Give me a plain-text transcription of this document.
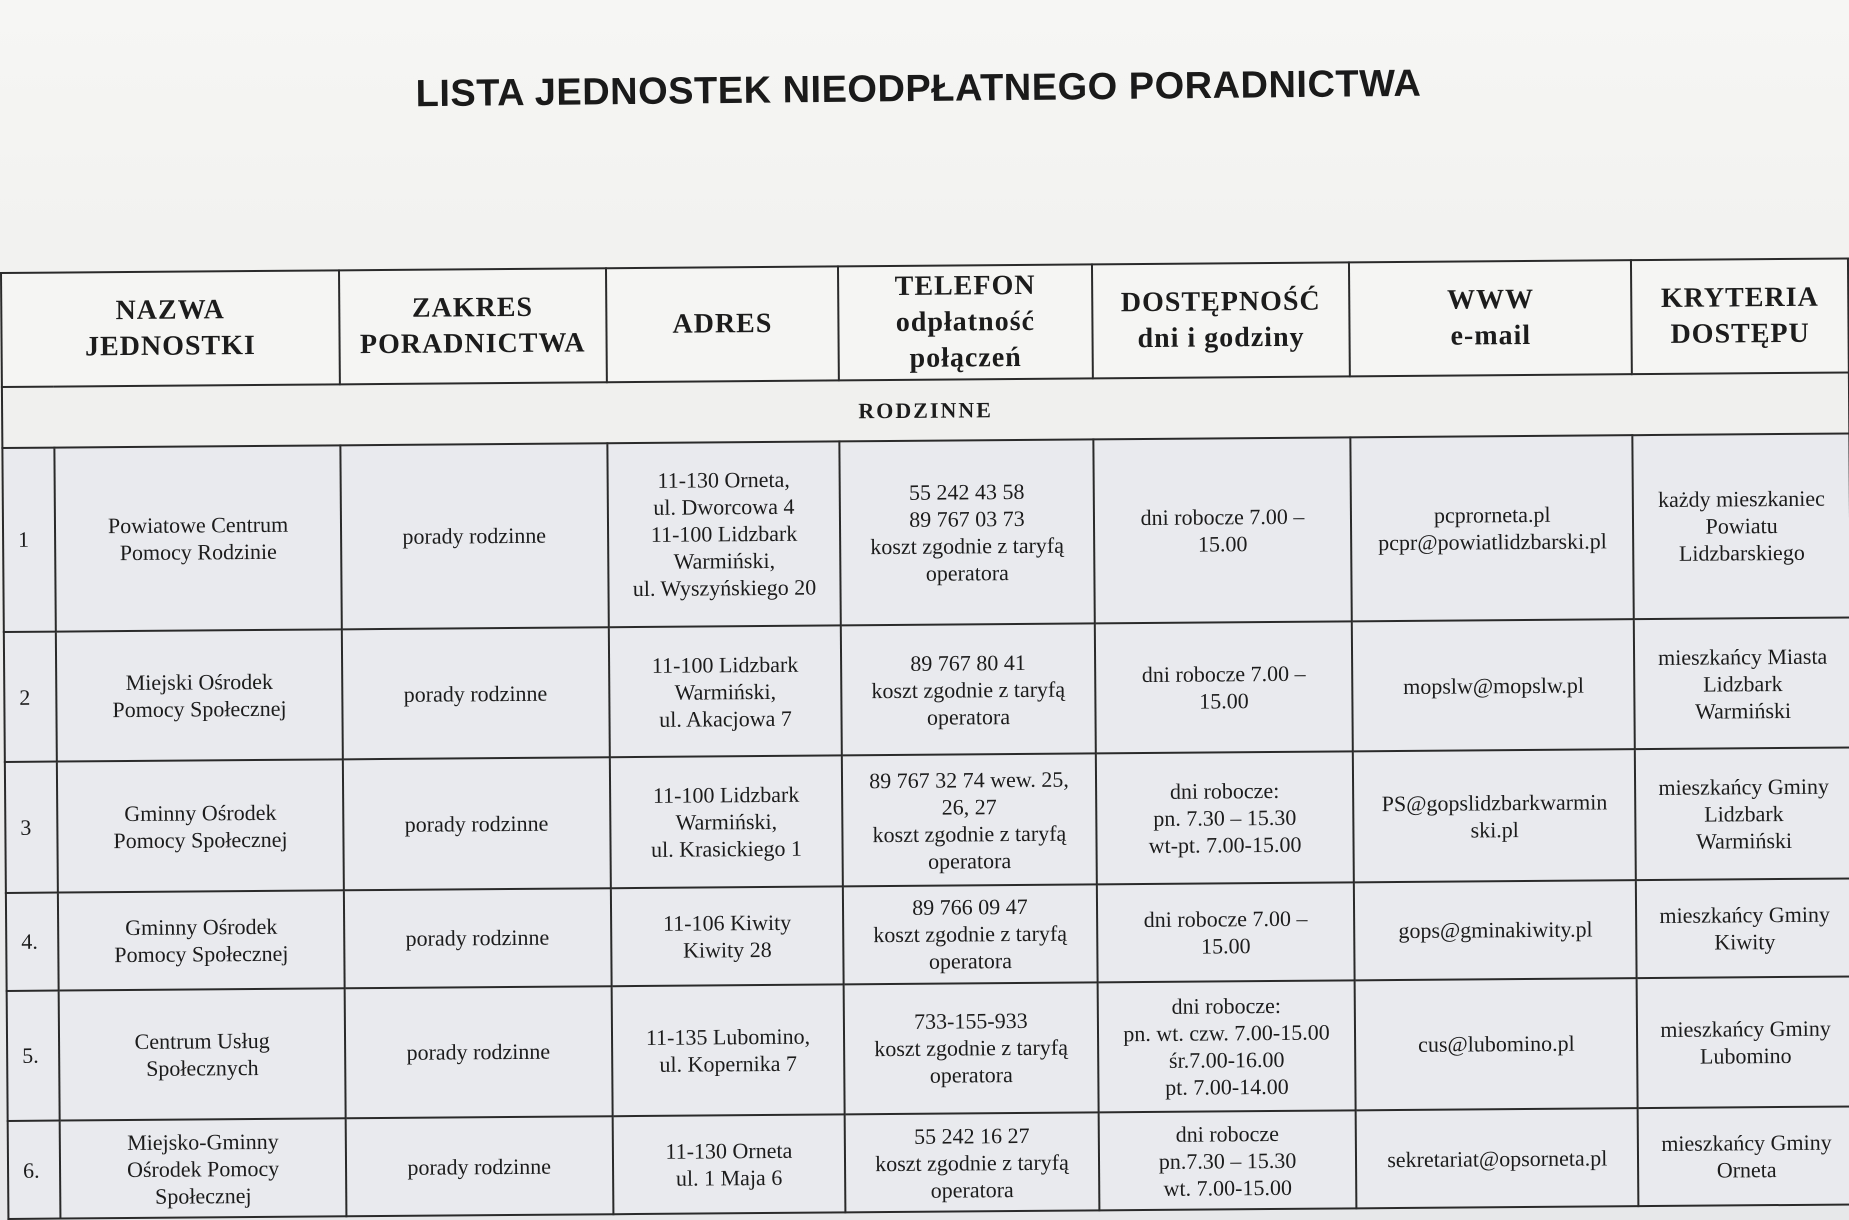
LISTA JEDNOSTEK NIEODPŁATNEGO PORADNICTWA
NAZWA
JEDNOSTKI		ZAKRES
PORADNICTWA	ADRES	TELEFON
odpłatność
połączeń	DOSTĘPNOŚĆ
dni i godziny	WWW
e-mail	KRYTERIA
DOSTĘPU

RODZINNE							
1	Powiatowe Centrum
Pomocy Rodzinie	porady rodzinne	11-130 Orneta,
ul. Dworcowa 4
11-100 Lidzbark
Warmiński,
ul. Wyszyńskiego 20	55 242 43 58
89 767 03 73
koszt zgodnie z taryfą
operatora	dni robocze 7.00 –
15.00	pcprorneta.pl
pcpr@powiatlidzbarski.pl	każdy mieszkaniec
Powiatu
Lidzbarskiego

2	Miejski Ośrodek
Pomocy Społecznej	porady rodzinne	11-100 Lidzbark
Warmiński,
ul. Akacjowa 7	89 767 80 41
koszt zgodnie z taryfą
operatora	dni robocze 7.00 –
15.00	mopslw@mopslw.pl	mieszkańcy Miasta
Lidzbark
Warmiński

3	Gminny Ośrodek
Pomocy Społecznej	porady rodzinne	11-100 Lidzbark
Warmiński,
ul. Krasickiego 1	89 767 32 74 wew. 25,
26, 27
koszt zgodnie z taryfą
operatora	dni robocze:
pn. 7.30 – 15.30
wt-pt. 7.00-15.00	PS@gopslidzbarkwarmin
ski.pl	mieszkańcy Gminy
Lidzbark
Warmiński

4.	Gminny Ośrodek
Pomocy Społecznej	porady rodzinne	11-106 Kiwity
Kiwity 28	89 766 09 47
koszt zgodnie z taryfą
operatora	dni robocze 7.00 –
15.00	gops@gminakiwity.pl	mieszkańcy Gminy
Kiwity

5.	Centrum Usług
Społecznych	porady rodzinne	11-135 Lubomino,
ul. Kopernika 7	733-155-933
koszt zgodnie z taryfą
operatora	dni robocze:
pn. wt. czw. 7.00-15.00
śr.7.00-16.00
pt. 7.00-14.00	cus@lubomino.pl	mieszkańcy Gminy
Lubomino

6.	Miejsko-Gminny
Ośrodek Pomocy
Społecznej	porady rodzinne	11-130 Orneta
ul. 1 Maja 6	55 242 16 27
koszt zgodnie z taryfą
operatora	dni robocze
pn.7.30 – 15.30
wt. 7.00-15.00	sekretariat@opsorneta.pl	mieszkańcy Gminy
Orneta
